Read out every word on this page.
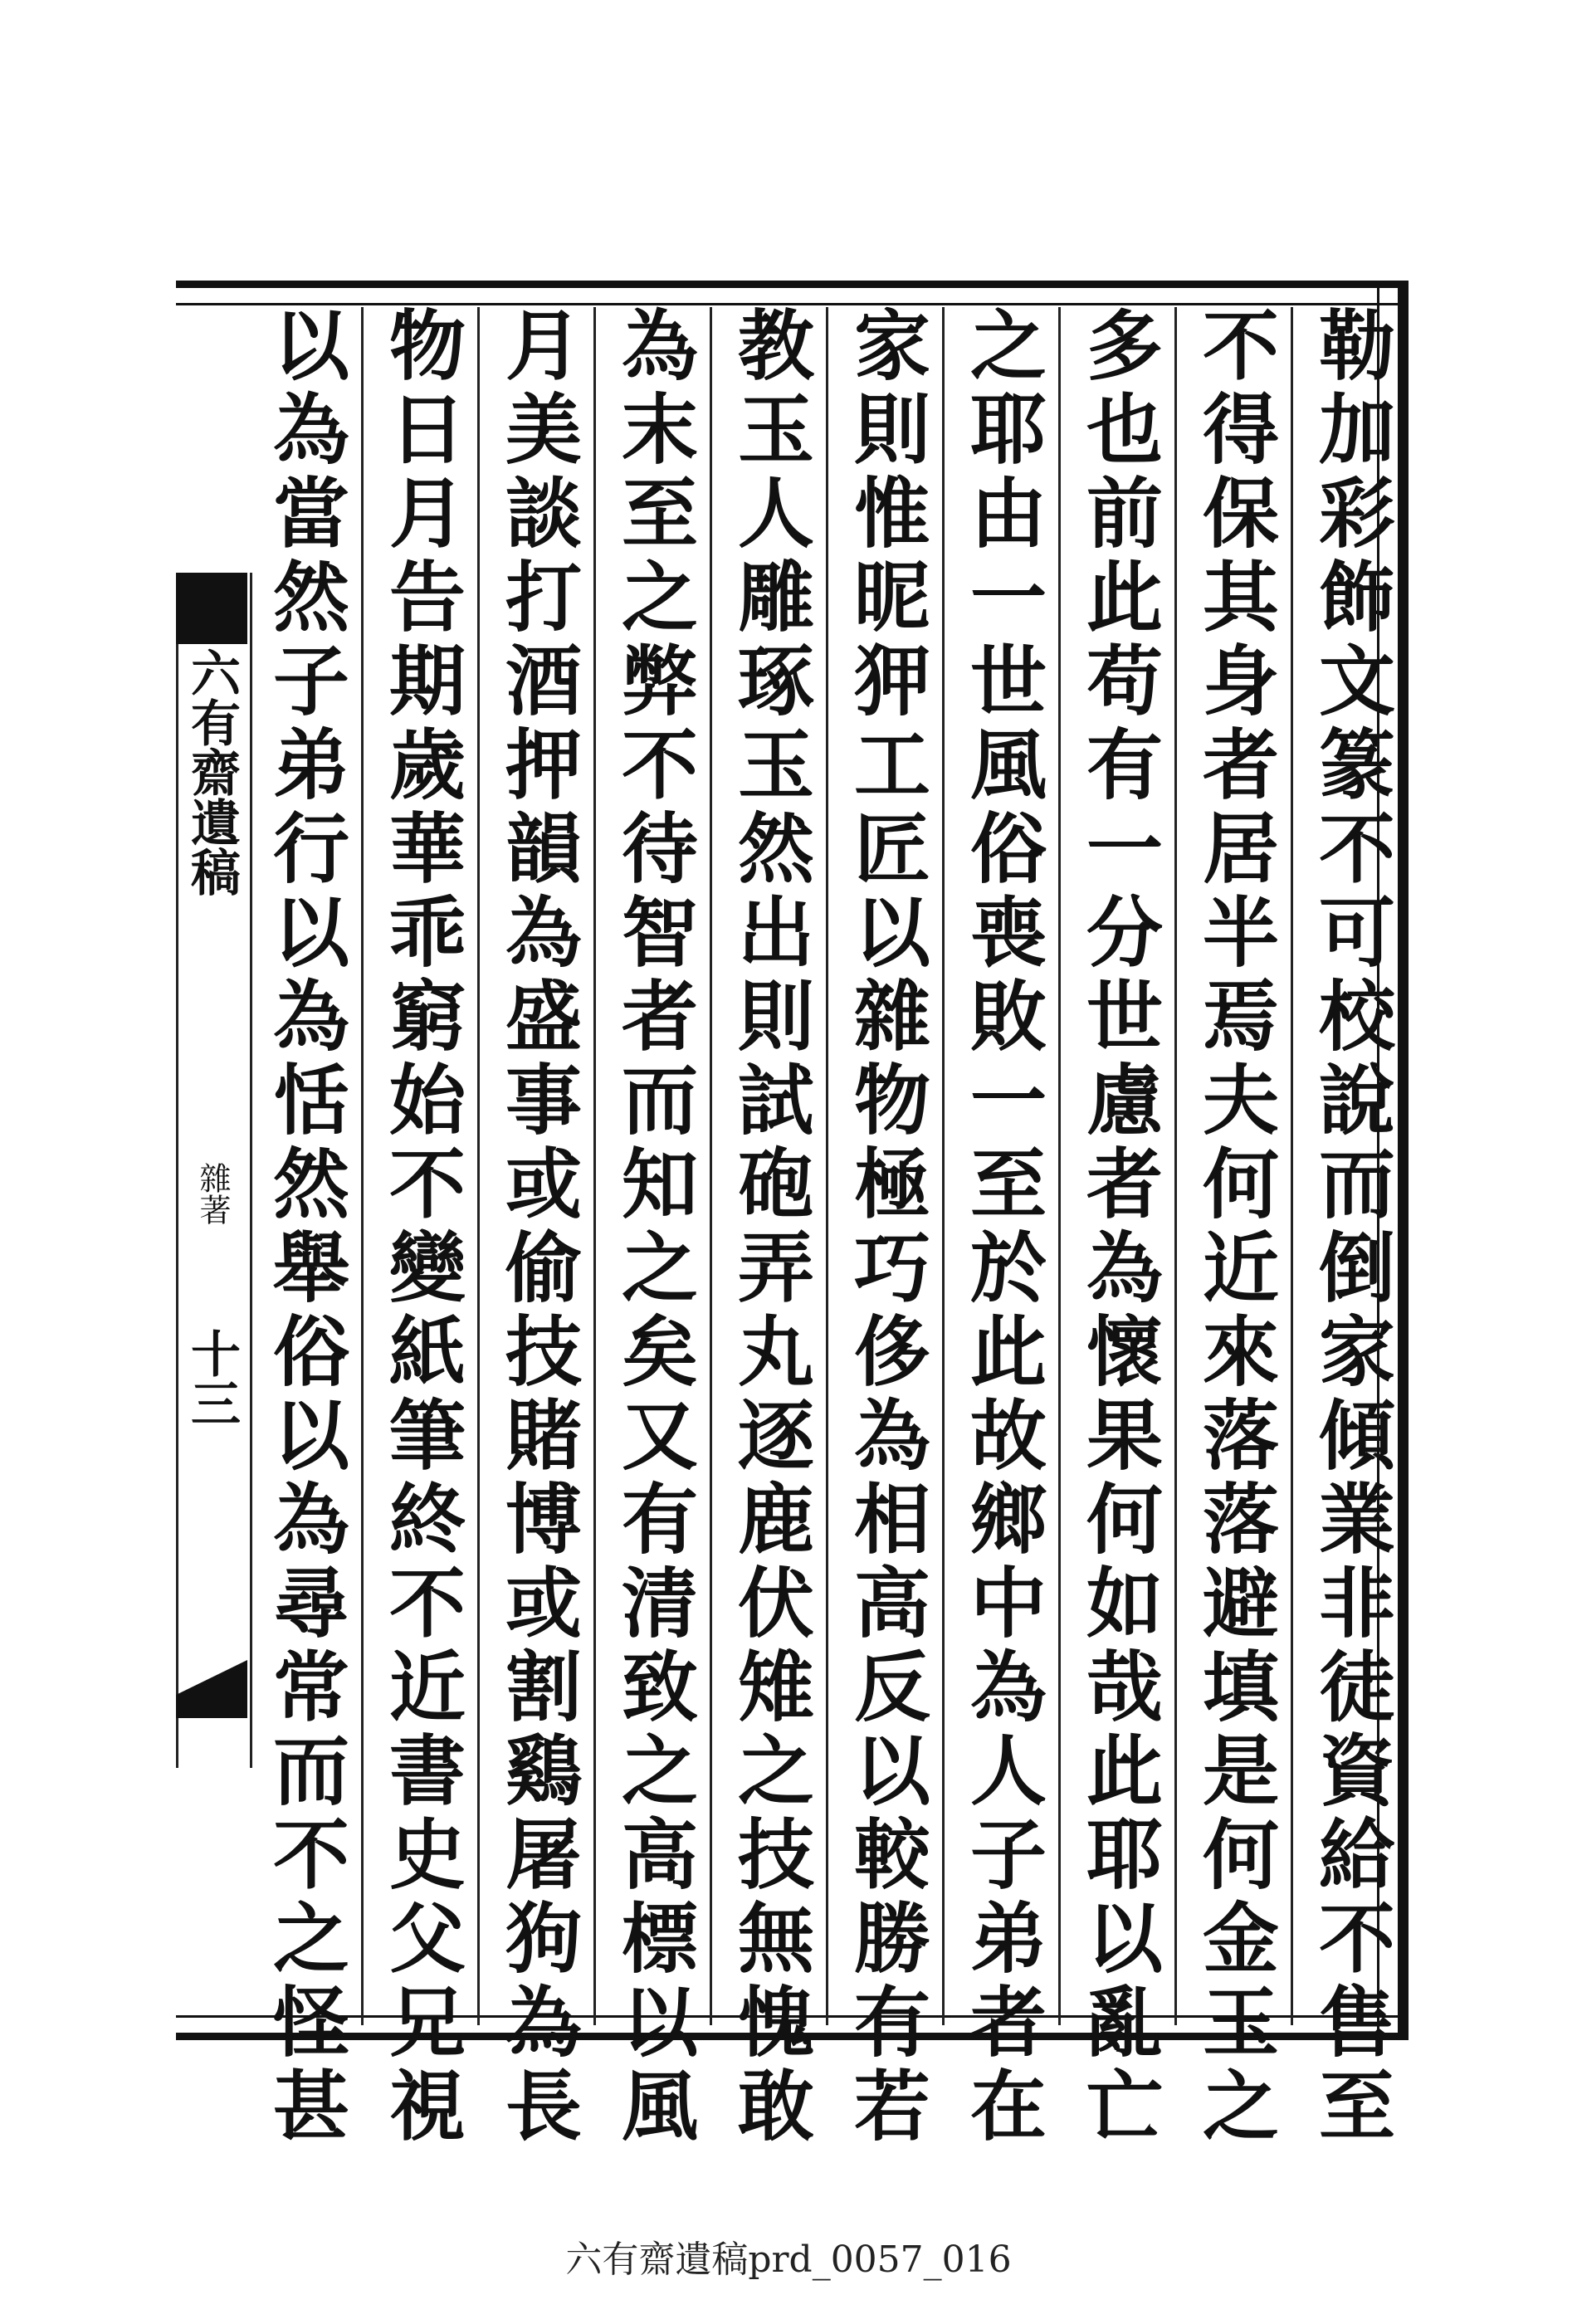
勒加彩飾文篆不可校說而倒家傾業非徒資給不售至
不得保其身者居半焉夫何近來落落避填是何金玉之
多也前此苟有一分世慮者為懷果何如哉此耶以亂亡
之耶由一世風俗喪敗一至於此故鄉中為人子弟者在
家則惟昵狎工匠以雜物極巧侈為相高反以較勝有若
教玉人雕琢玉然出則試砲弄丸逐鹿伏雉之技無愧敢
為末至之弊不待智者而知之矣又有清致之高標以風
月美談打酒押韻為盛事或偷技賭博或割鷄屠狗為長
物日月告期歲華乖窮始不變紙筆終不近書史父兄視
以為當然子弟行以為恬然舉俗以為尋常而不之怪甚
六有齋遺稿
雜著
十三
六有齋遺稿prd_0057_016
